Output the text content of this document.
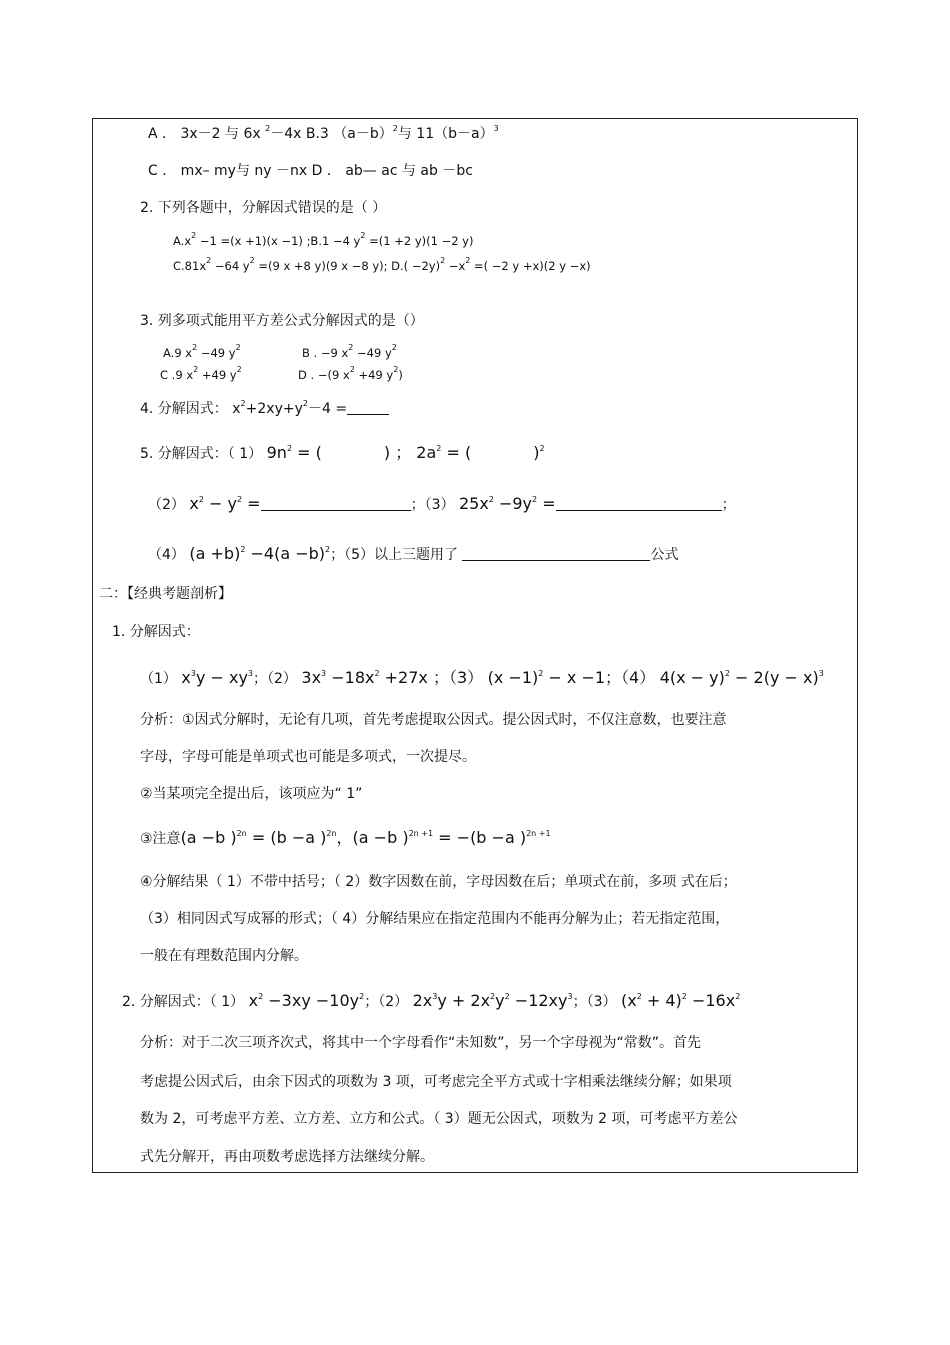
A ． 3x－2 与 6x $^2$－4x B.3 $(a-b)^2$与 $11(b-a)^3$
C ． mx– my与 ny －nx D ． ab— ac 与 ab －bc
2. 下列各题中，分解因式错误的是（ ）
$A.x^2 -1 =(x +1)(x -1)$ ;B.1 −4 $y^2 =(1 +2$ y)(1 −2 y)
$C.81x^2 -64$ $y^2 =(9$ x +8 y)(9 x −8 y); $D.( -2y)^2 -x^2$ =( −2 y +x)(2 y −x)
3. 列多项式能用平方差公式分解因式的是（）
A.9 $x^2 -49$ $y^2$	B . −9 $x^2 -49$ $y^2$
C .9 $x^2 +49$ $y^2$	D . −(9 $x^2 +49$ $y^2$)
4. 分解因式： $x^2+2xy+y^2-4$ =
5. 分解因式：（ 1） $9n^2$ = (	) ； $2a^2$ = (	)$^2$
（2） $x^2 - y^2$ =	；（3） $25x^2 -9y^2$ =	；
（4） $(a +b)^2 -4(a -b)^2$；（5）以上三题用了	公式
二：【经典考题剖析】
1. 分解因式：
（1） $x^3y - xy^3$；（2） $3x^3 -18x^2 +27x$ ；（3） $(x -1)^2 - x -1$；（4） $4(x - y)^2 - 2(y - x)^3$
分析：①因式分解时，无论有几项，首先考虑提取公因式。提公因式时，不仅注意数，也要注意
字母，字母可能是单项式也可能是多项式，一次提尽。
②当某项完全提出后，该项应为“ 1”
③注意(a −b )$^{2n}$ = (b −a )$^{2n}$，(a −b )$^{2n +1}$ = −(b −a )$^{2n +1}$
④分解结果（ 1）不带中括号；（ 2）数字因数在前，字母因数在后；单项式在前，多项 式在后；
（3）相同因式写成幂的形式；（ 4）分解结果应在指定范围内不能再分解为止；若无指定范围，
一般在有理数范围内分解。
2. 分解因式：（ 1） $x^2 -3xy -10y^2$；（2） $2x^3y + 2x^2y^2 -12xy^3$；（3） $(x^2 + 4)^2 -16x^2$
分析：对于二次三项齐次式，将其中一个字母看作“未知数”，另一个字母视为“常数”。首先
考虑提公因式后，由余下因式的项数为 3 项，可考虑完全平方式或十字相乘法继续分解；如果项
数为 2，可考虑平方差、立方差、立方和公式。（ 3）题无公因式，项数为 2 项，可考虑平方差公
式先分解开，再由项数考虑选择方法继续分解。
